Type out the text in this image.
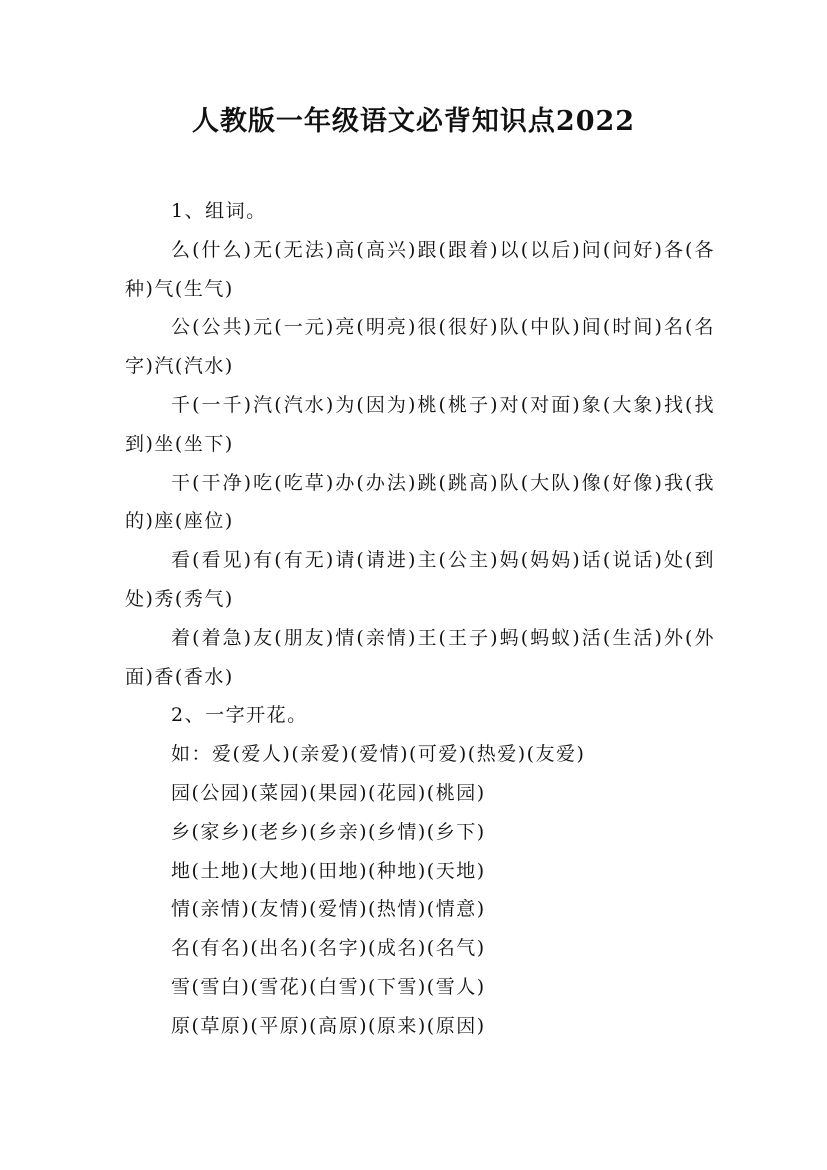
人教版一年级语文必背知识点2022

1、组词。

么(什么)无(无法)高(高兴)跟(跟着)以(以后)问(问好)各(各种)气(生气)

公(公共)元(一元)亮(明亮)很(很好)队(中队)间(时间)名(名字)汽(汽水)

千(一千)汽(汽水)为(因为)桃(桃子)对(对面)象(大象)找(找到)坐(坐下)

干(干净)吃(吃草)办(办法)跳(跳高)队(大队)像(好像)我(我的)座(座位)

看(看见)有(有无)请(请进)主(公主)妈(妈妈)话(说话)处(到处)秀(秀气)

着(着急)友(朋友)情(亲情)王(王子)蚂(蚂蚁)活(生活)外(外面)香(香水)

2、一字开花。

如：爱(爱人)(亲爱)(爱情)(可爱)(热爱)(友爱)

园(公园)(菜园)(果园)(花园)(桃园)

乡(家乡)(老乡)(乡亲)(乡情)(乡下)

地(土地)(大地)(田地)(种地)(天地)

情(亲情)(友情)(爱情)(热情)(情意)

名(有名)(出名)(名字)(成名)(名气)

雪(雪白)(雪花)(白雪)(下雪)(雪人)

原(草原)(平原)(高原)(原来)(原因)
